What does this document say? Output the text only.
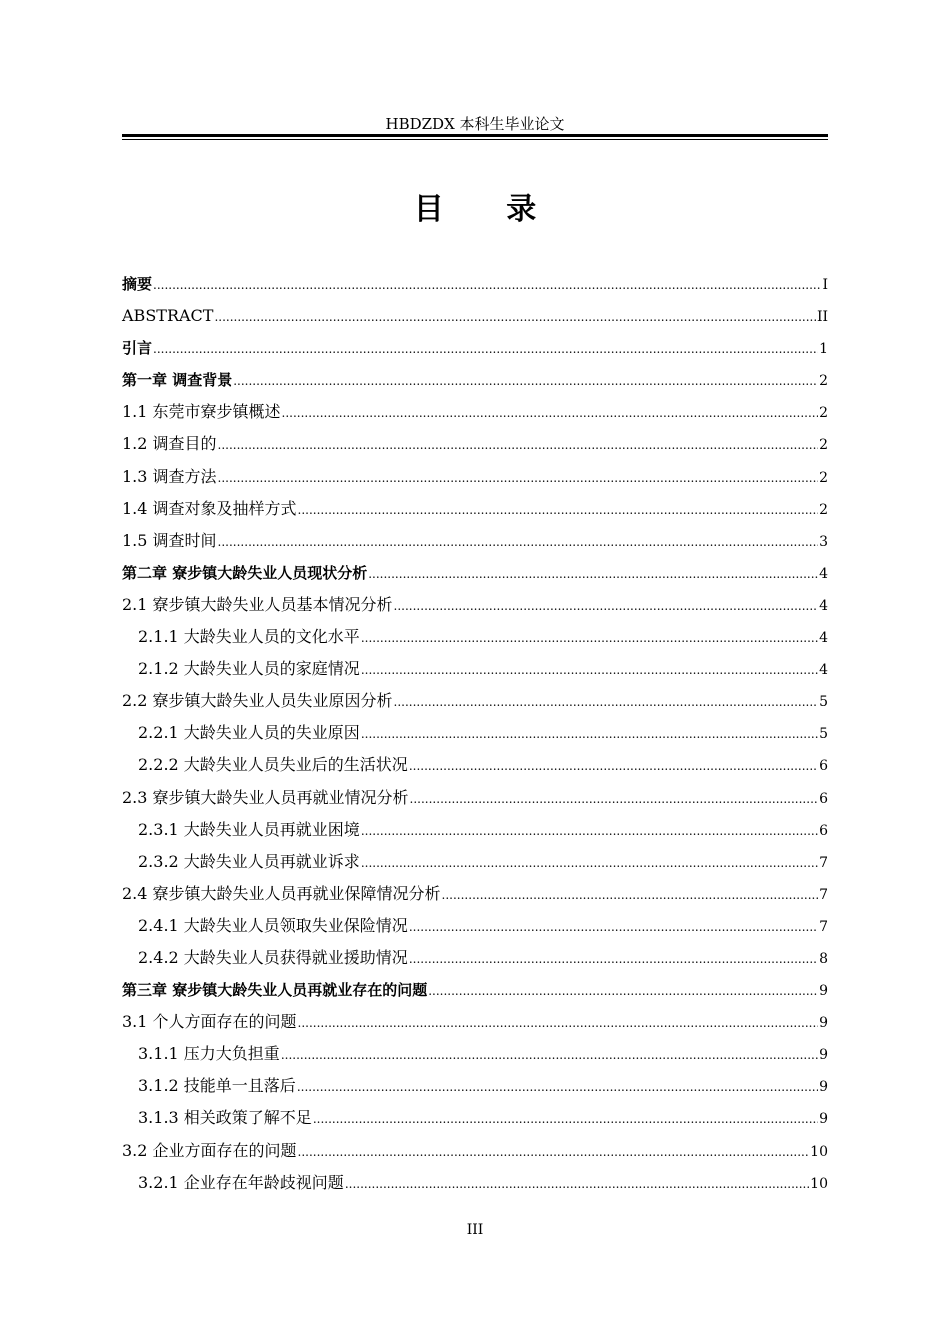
HBDZDX 本科生毕业论文
目 录
摘要 .....	I
ABSTRACT .....	II
引言 .....	1
第一章 调查背景 .....	2
1.1 东莞市寮步镇概述 .....	2
1.2 调查目的 .....	2
1.3 调查方法 .....	2
1.4 调查对象及抽样方式 .....	2
1.5 调查时间 .....	3
第二章 寮步镇大龄失业人员现状分析 .....	4
2.1 寮步镇大龄失业人员基本情况分析 .....	4
2.1.1 大龄失业人员的文化水平 .....	4
2.1.2 大龄失业人员的家庭情况 .....	4
2.2 寮步镇大龄失业人员失业原因分析 .....	5
2.2.1 大龄失业人员的失业原因 .....	5
2.2.2 大龄失业人员失业后的生活状况 .....	6
2.3 寮步镇大龄失业人员再就业情况分析 .....	6
2.3.1 大龄失业人员再就业困境 .....	6
2.3.2 大龄失业人员再就业诉求 .....	7
2.4 寮步镇大龄失业人员再就业保障情况分析 .....	7
2.4.1 大龄失业人员领取失业保险情况 .....	7
2.4.2 大龄失业人员获得就业援助情况 .....	8
第三章 寮步镇大龄失业人员再就业存在的问题 .....	9
3.1 个人方面存在的问题 .....	9
3.1.1 压力大负担重 .....	9
3.1.2 技能单一且落后 .....	9
3.1.3 相关政策了解不足 .....	9
3.2 企业方面存在的问题 .....	10
3.2.1 企业存在年龄歧视问题 .....	10
III
